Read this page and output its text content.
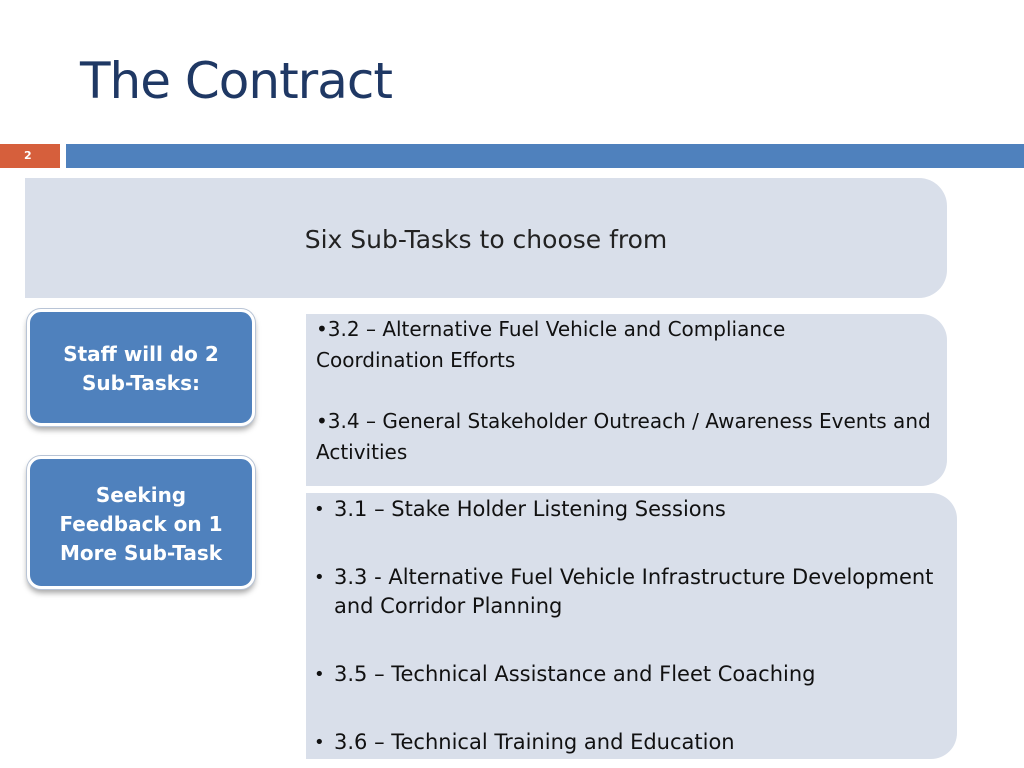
The Contract
2
Six Sub-Tasks to choose from
Staff will do 2 Sub-Tasks:
Seeking Feedback on 1 More Sub-Task
•3.2 – Alternative Fuel Vehicle and Compliance Coordination Efforts
•3.4 – General Stakeholder Outreach / Awareness Events and Activities
• 3.1 – Stake Holder Listening Sessions
• 3.3 - Alternative Fuel Vehicle Infrastructure Development and Corridor Planning
• 3.5 – Technical Assistance and Fleet Coaching
• 3.6 – Technical Training and Education
